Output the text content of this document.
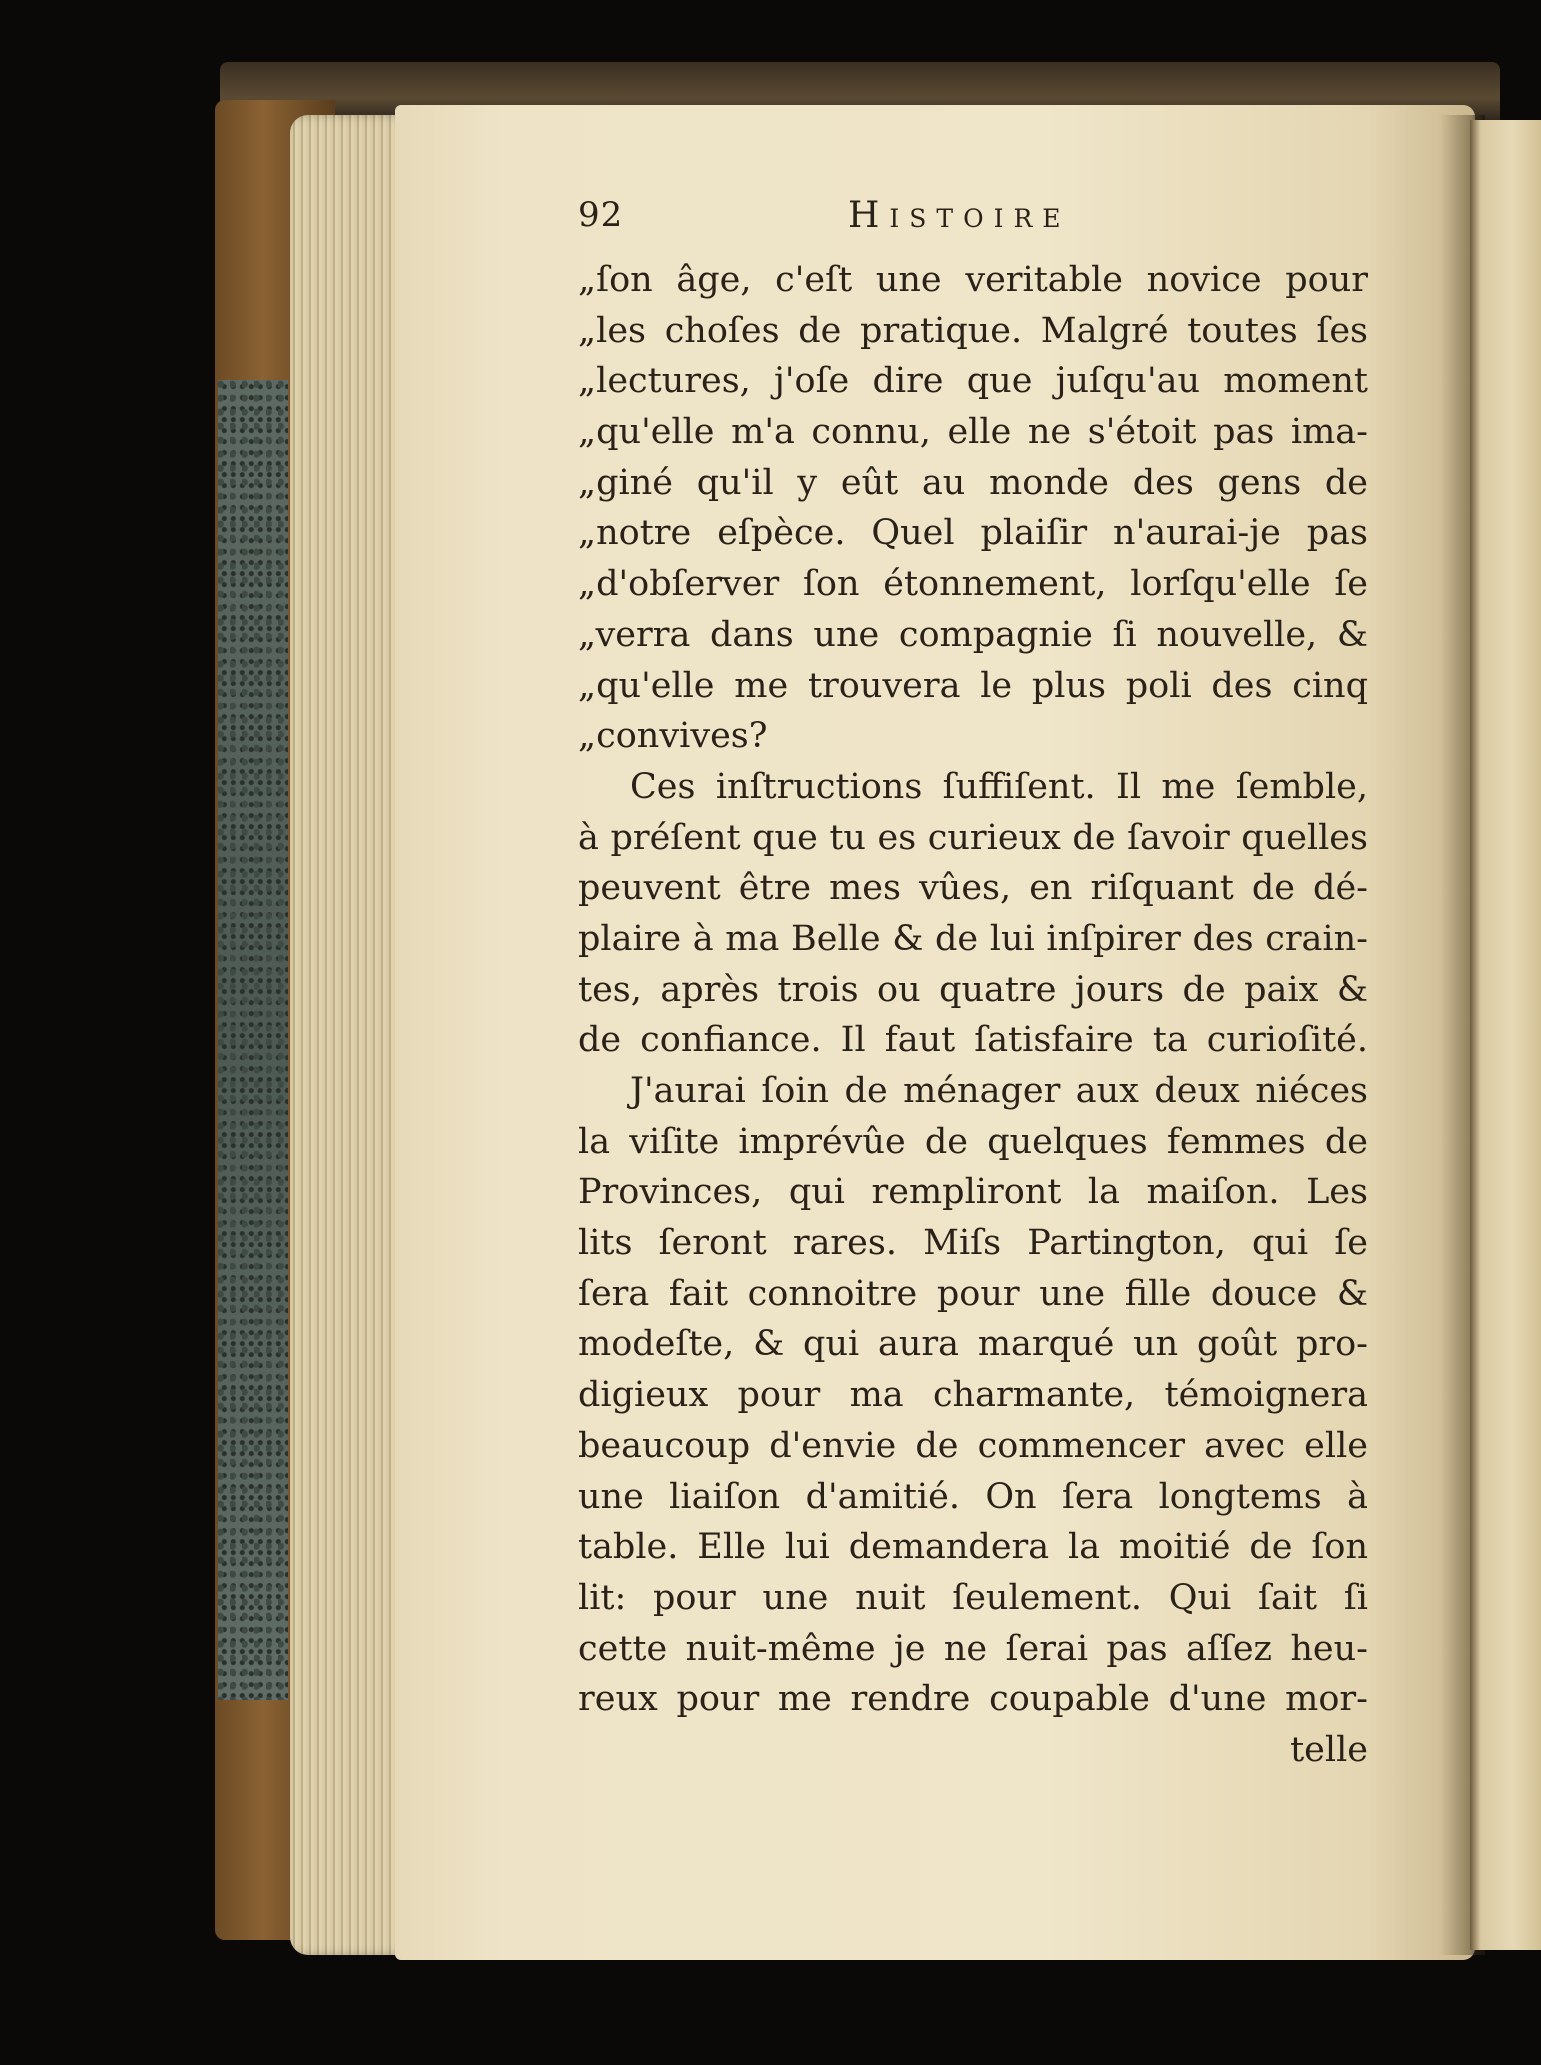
92	Histoire
„ſon âge, c'eſt une veritable novice pour
„les choſes de pratique. Malgré toutes ſes
„lectures, j'oſe dire que juſqu'au moment
„qu'elle m'a connu, elle ne s'étoit pas ima-
„giné qu'il y eût au monde des gens de
„notre eſpèce. Quel plaiſir n'aurai-je pas
„d'obſerver ſon étonnement, lorſqu'elle ſe
„verra dans une compagnie ſi nouvelle, &
„qu'elle me trouvera le plus poli des cinq
„convives?
Ces inſtructions ſuffiſent. Il me ſemble,
à préſent que tu es curieux de ſavoir quelles
peuvent être mes vûes, en riſquant de dé-
plaire à ma Belle & de lui inſpirer des crain-
tes, après trois ou quatre jours de paix &
de confiance. Il faut ſatisfaire ta curioſité.
J'aurai ſoin de ménager aux deux niéces
la viſite imprévûe de quelques femmes de
Provinces, qui rempliront la maiſon. Les
lits ſeront rares. Miſs Partington, qui ſe
ſera fait connoitre pour une fille douce &
modeſte, & qui aura marqué un goût pro-
digieux pour ma charmante, témoignera
beaucoup d'envie de commencer avec elle
une liaiſon d'amitié. On ſera longtems à
table. Elle lui demandera la moitié de ſon
lit: pour une nuit ſeulement. Qui ſait ſi
cette nuit-même je ne ſerai pas aſſez heu-
reux pour me rendre coupable d'une mor-
telle
